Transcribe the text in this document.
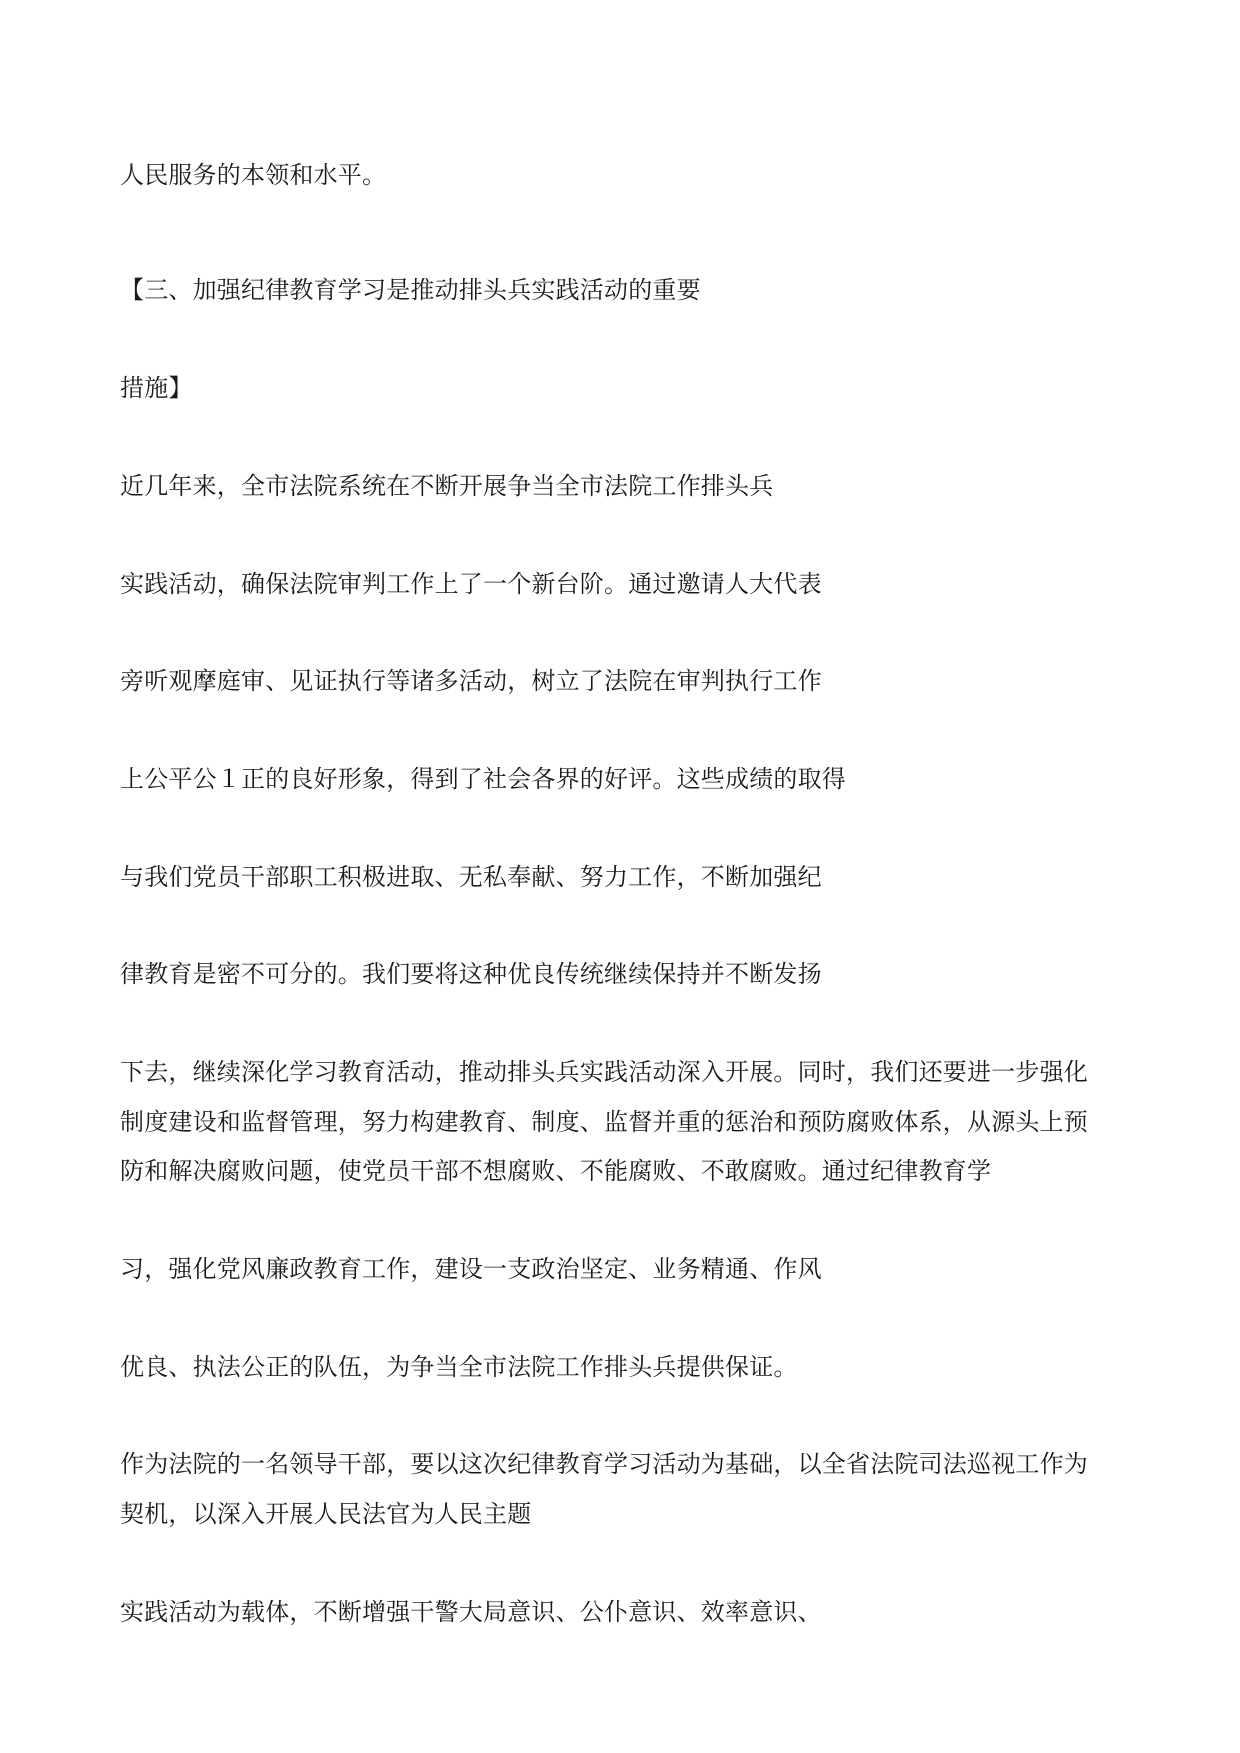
人民服务的本领和水平。

【三、加强纪律教育学习是推动排头兵实践活动的重要

措施】

近几年来，全市法院系统在不断开展争当全市法院工作排头兵

实践活动，确保法院审判工作上了一个新台阶。通过邀请人大代表

旁听观摩庭审、见证执行等诸多活动，树立了法院在审判执行工作

上公平公１正的良好形象，得到了社会各界的好评。这些成绩的取得

与我们党员干部职工积极进取、无私奉献、努力工作，不断加强纪

律教育是密不可分的。我们要将这种优良传统继续保持并不断发扬

下去，继续深化学习教育活动，推动排头兵实践活动深入开展。同时，我们还要进一步强化

制度建设和监督管理，努力构建教育、制度、监督并重的惩治和预防腐败体系，从源头上预

防和解决腐败问题，使党员干部不想腐败、不能腐败、不敢腐败。通过纪律教育学

习，强化党风廉政教育工作，建设一支政治坚定、业务精通、作风

优良、执法公正的队伍，为争当全市法院工作排头兵提供保证。

作为法院的一名领导干部，要以这次纪律教育学习活动为基础，以全省法院司法巡视工作为

契机，以深入开展人民法官为人民主题

实践活动为载体，不断增强干警大局意识、公仆意识、效率意识、
